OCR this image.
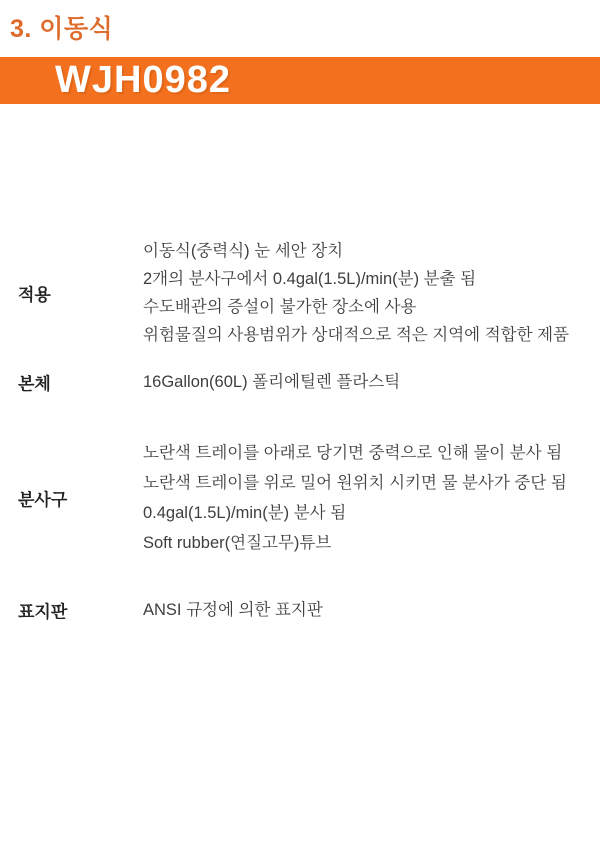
3. 이동식
WJH0982
적용
이동식(중력식) 눈 세안 장치
2개의 분사구에서 0.4gal(1.5L)/min(분) 분출 됨
수도배관의 증설이 불가한 장소에 사용
위험물질의 사용범위가 상대적으로 적은 지역에 적합한 제품
본체	16Gallon(60L) 폴리에틸렌 플라스틱
분사구
노란색 트레이를 아래로 당기면 중력으로 인해 물이 분사 됨
노란색 트레이를 위로 밀어 원위치 시키면 물 분사가 중단 됨
0.4gal(1.5L)/min(분) 분사 됨
Soft rubber(연질고무)튜브
표지판	ANSI 규정에 의한 표지판
